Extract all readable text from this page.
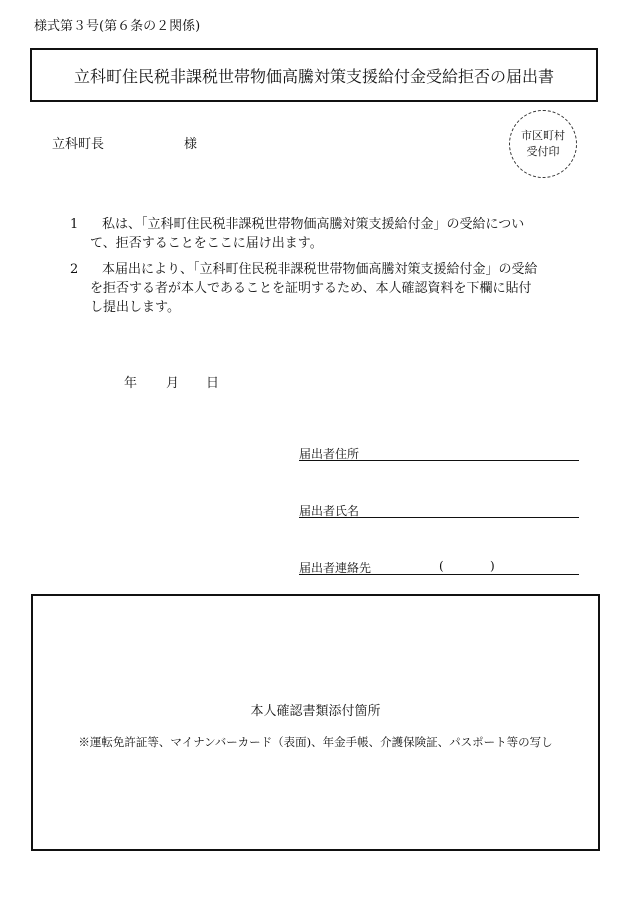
様式第３号(第６条の２関係)
立科町住民税非課税世帯物価高騰対策支援給付金受給拒否の届出書
立科町長	様
市区町村
受付印
1	私は、「立科町住民税非課税世帯物価高騰対策支援給付金」の受給について、拒否することをここに届け出ます。
2	本届出により、「立科町住民税非課税世帯物価高騰対策支援給付金」の受給を拒否する者が本人であることを証明するため、本人確認資料を下欄に貼付し提出します。
年 月 日
届出者住所
届出者氏名
届出者連絡先	(	)
本人確認書類添付箇所
※運転免許証等、マイナンバーカード（表面)、年金手帳、介護保険証、パスポート等の写し
